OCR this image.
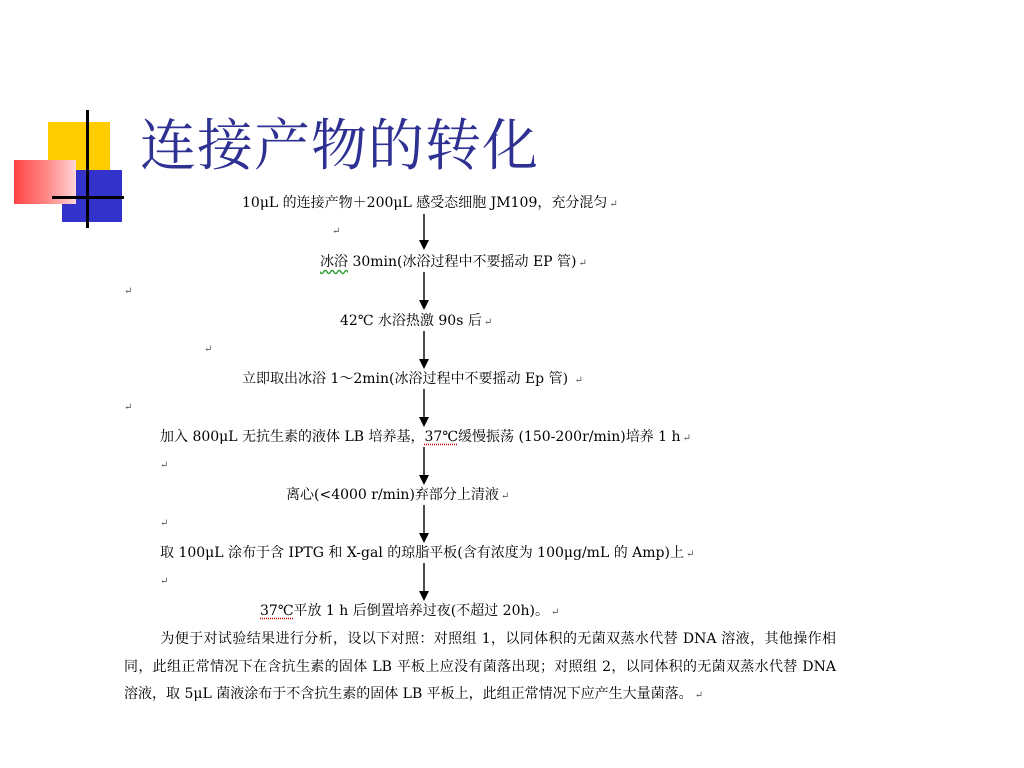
连接产物的转化
10μL 的连接产物＋200μL 感受态细胞 JM109，充分混匀 ↵
↵
冰浴 30min(冰浴过程中不要摇动 EP 管) ↵
↵
42℃ 水浴热激 90s 后 ↵
↵
立即取出冰浴 1～2min(冰浴过程中不要摇动 Ep 管) ↵
↵
加入 800μL 无抗生素的液体 LB 培养基，37℃缓慢振荡 (150-200r/min)培养 1 h ↵
↵
离心(<4000 r/min)弃部分上清液 ↵
↵
取 100μL 涂布于含 IPTG 和 X-gal 的琼脂平板(含有浓度为 100μg/mL 的 Amp)上 ↵
↵
37℃平放 1 h 后倒置培养过夜(不超过 20h)。 ↵
为便于对试验结果进行分析，设以下对照：对照组 1，以同体积的无菌双蒸水代替 DNA 溶液，其他操作相同，此组正常情况下在含抗生素的固体 LB 平板上应没有菌落出现；对照组 2，以同体积的无菌双蒸水代替 DNA 溶液，取 5μL 菌液涂布于不含抗生素的固体 LB 平板上，此组正常情况下应产生大量菌落。 ↵
